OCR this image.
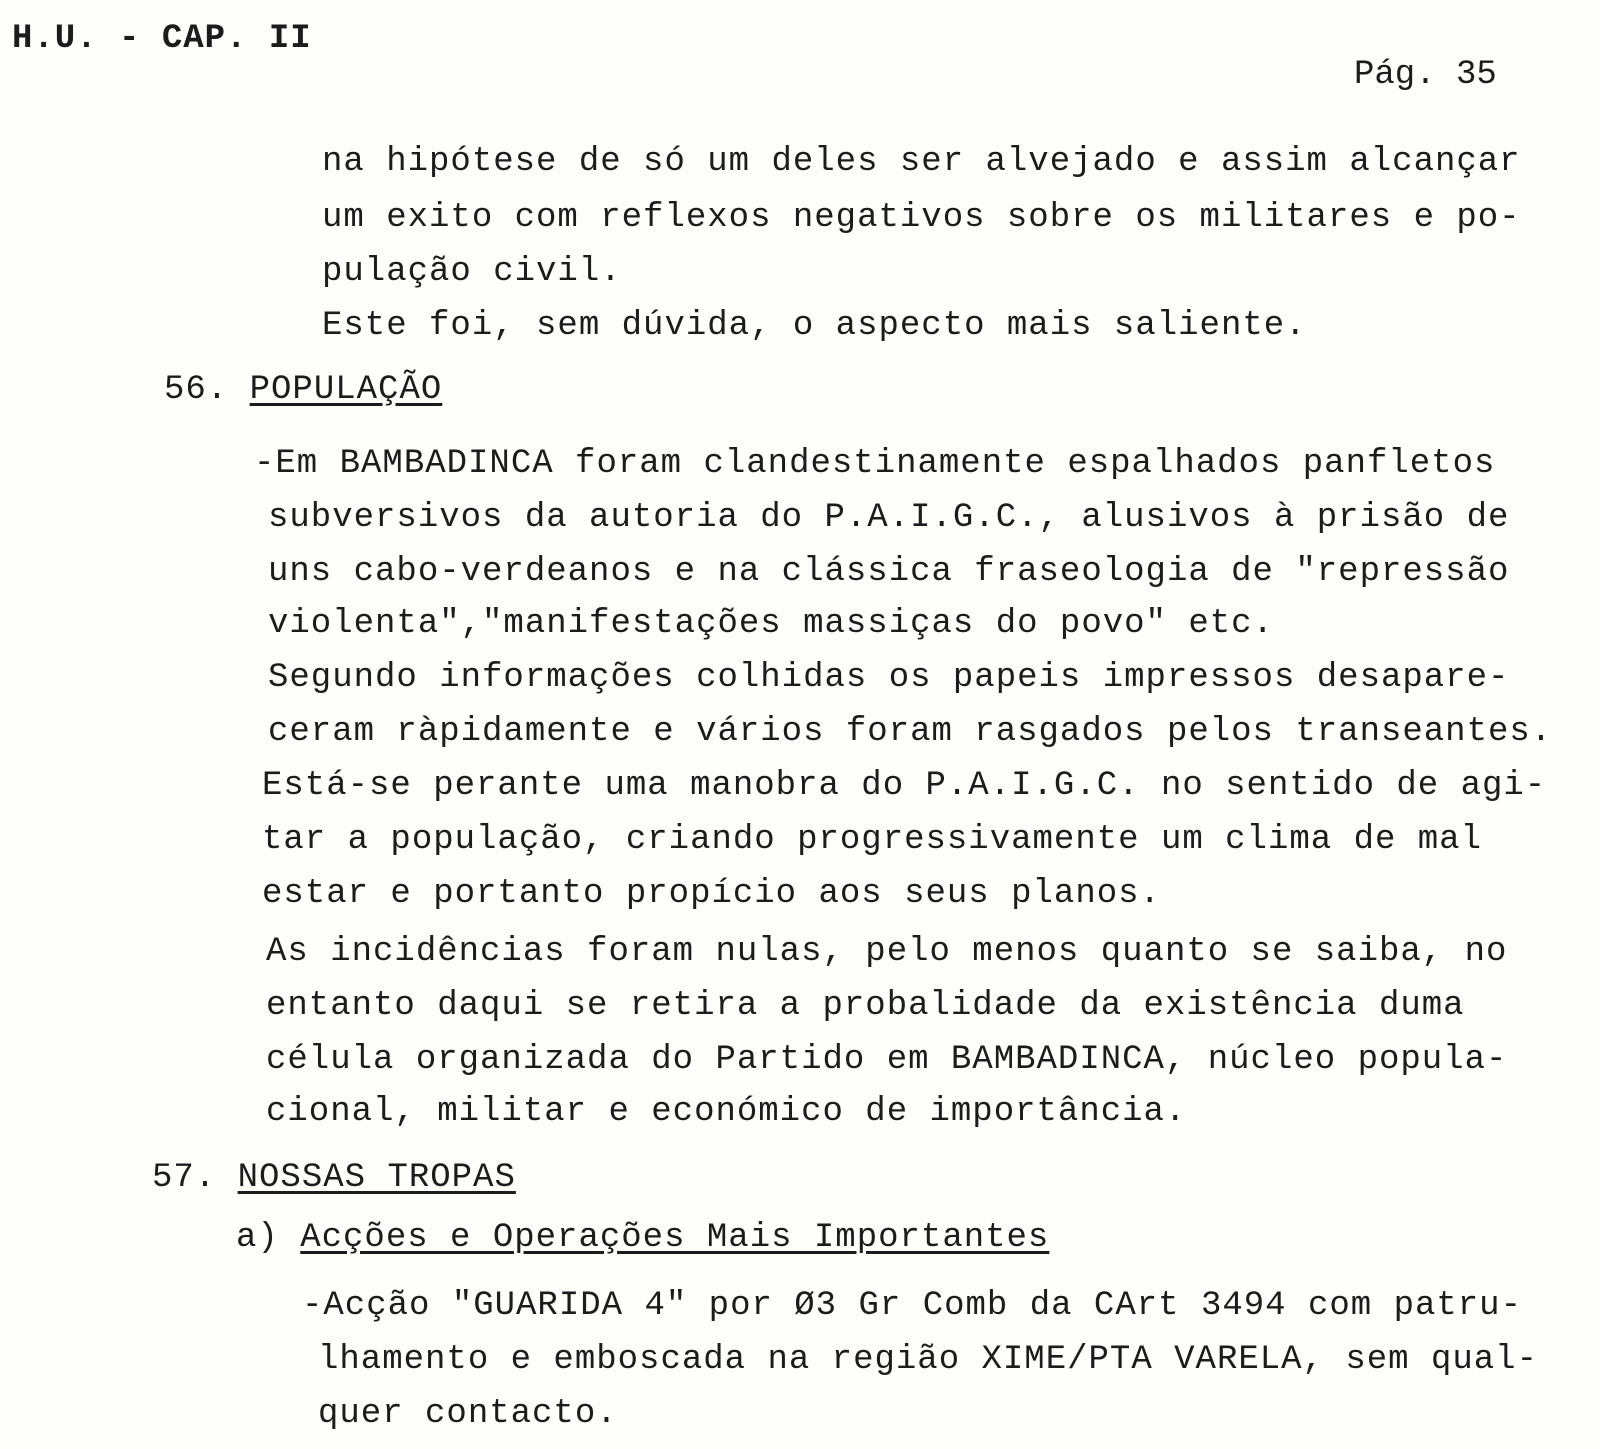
H.U. - CAP. II
Pág. 35
na hipótese de só um deles ser alvejado e assim alcançar
um exito com reflexos negativos sobre os militares e po-
pulação civil.
Este foi, sem dúvida, o aspecto mais saliente.
56. POPULAÇÃO
-Em BAMBADINCA foram clandestinamente espalhados panfletos
subversivos da autoria do P.A.I.G.C., alusivos à prisão de
uns cabo-verdeanos e na clássica fraseologia de "repressão
violenta","manifestações massiças do povo" etc.
Segundo informações colhidas os papeis impressos desapare-
ceram ràpidamente e vários foram rasgados pelos transeantes.
Está-se perante uma manobra do P.A.I.G.C. no sentido de agi-
tar a população, criando progressivamente um clima de mal
estar e portanto propício aos seus planos.
As incidências foram nulas, pelo menos quanto se saiba, no
entanto daqui se retira a probalidade da existência duma
célula organizada do Partido em BAMBADINCA, núcleo popula-
cional, militar e económico de importância.
57. NOSSAS TROPAS
a) Acções e Operações Mais Importantes
-Acção "GUARIDA 4" por Ø3 Gr Comb da CArt 3494 com patru-
lhamento e emboscada na região XIME/PTA VARELA, sem qual-
quer contacto.
